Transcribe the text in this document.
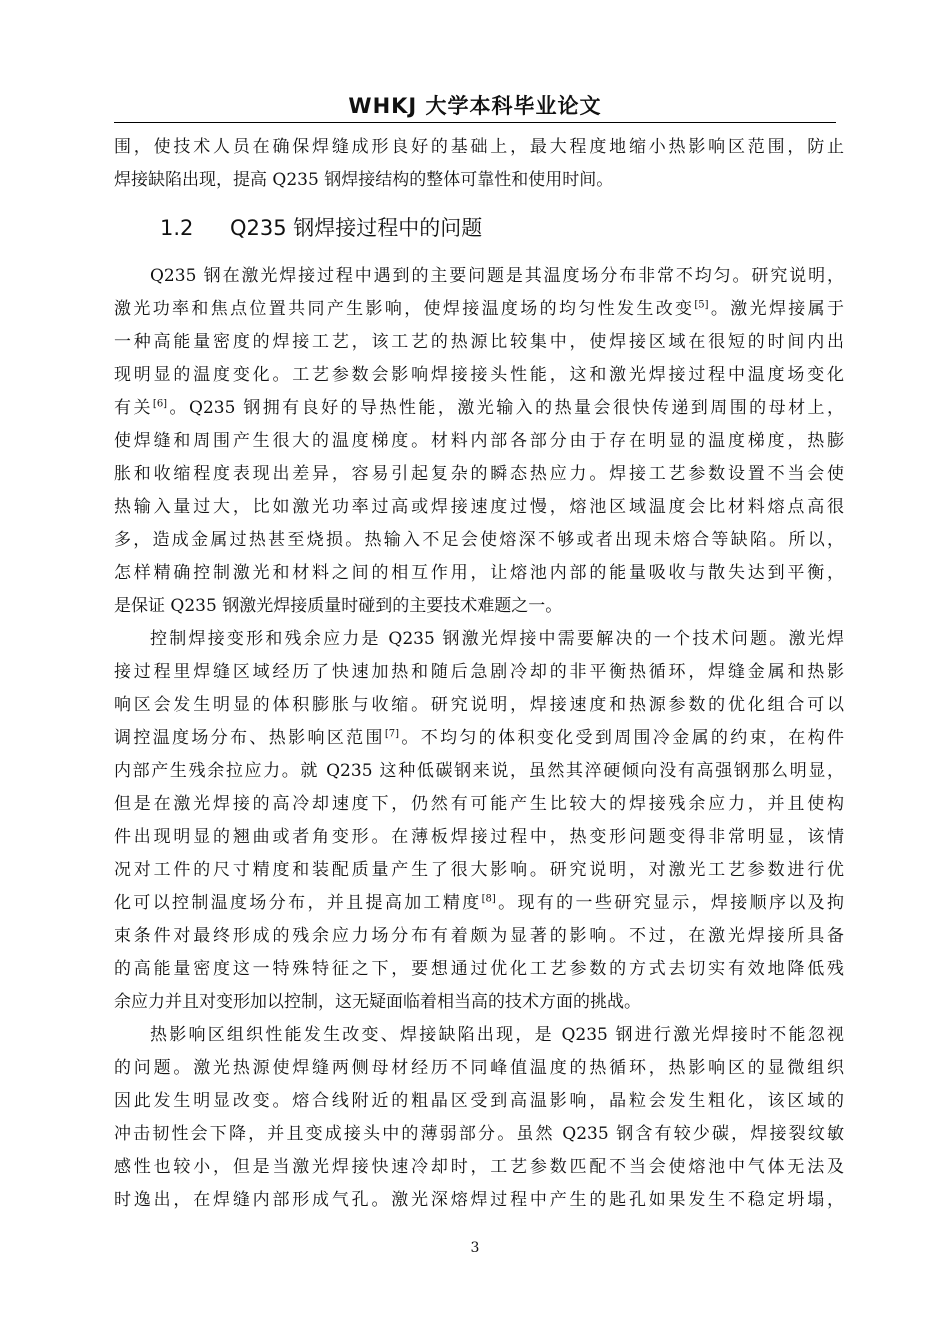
WHKJ 大学本科毕业论文
围，使技术人员在确保焊缝成形良好的基础上，最大程度地缩小热影响区范围，防止
焊接缺陷出现，提高 Q235 钢焊接结构的整体可靠性和使用时间。
1.2 Q235 钢焊接过程中的问题
Q235 钢在激光焊接过程中遇到的主要问题是其温度场分布非常不均匀。研究说明，
激光功率和焦点位置共同产生影响，使焊接温度场的均匀性发生改变[5]。激光焊接属于
一种高能量密度的焊接工艺，该工艺的热源比较集中，使焊接区域在很短的时间内出
现明显的温度变化。工艺参数会影响焊接接头性能，这和激光焊接过程中温度场变化
有关[6]。Q235 钢拥有良好的导热性能，激光输入的热量会很快传递到周围的母材上，
使焊缝和周围产生很大的温度梯度。材料内部各部分由于存在明显的温度梯度，热膨
胀和收缩程度表现出差异，容易引起复杂的瞬态热应力。焊接工艺参数设置不当会使
热输入量过大，比如激光功率过高或焊接速度过慢，熔池区域温度会比材料熔点高很
多，造成金属过热甚至烧损。热输入不足会使熔深不够或者出现未熔合等缺陷。所以，
怎样精确控制激光和材料之间的相互作用，让熔池内部的能量吸收与散失达到平衡，
是保证 Q235 钢激光焊接质量时碰到的主要技术难题之一。
控制焊接变形和残余应力是 Q235 钢激光焊接中需要解决的一个技术问题。激光焊
接过程里焊缝区域经历了快速加热和随后急剧冷却的非平衡热循环，焊缝金属和热影
响区会发生明显的体积膨胀与收缩。研究说明，焊接速度和热源参数的优化组合可以
调控温度场分布、热影响区范围[7]。不均匀的体积变化受到周围冷金属的约束，在构件
内部产生残余拉应力。就 Q235 这种低碳钢来说，虽然其淬硬倾向没有高强钢那么明显，
但是在激光焊接的高冷却速度下，仍然有可能产生比较大的焊接残余应力，并且使构
件出现明显的翘曲或者角变形。在薄板焊接过程中，热变形问题变得非常明显，该情
况对工件的尺寸精度和装配质量产生了很大影响。研究说明，对激光工艺参数进行优
化可以控制温度场分布，并且提高加工精度[8]。现有的一些研究显示，焊接顺序以及拘
束条件对最终形成的残余应力场分布有着颇为显著的影响。不过，在激光焊接所具备
的高能量密度这一特殊特征之下，要想通过优化工艺参数的方式去切实有效地降低残
余应力并且对变形加以控制，这无疑面临着相当高的技术方面的挑战。
热影响区组织性能发生改变、焊接缺陷出现，是 Q235 钢进行激光焊接时不能忽视
的问题。激光热源使焊缝两侧母材经历不同峰值温度的热循环，热影响区的显微组织
因此发生明显改变。熔合线附近的粗晶区受到高温影响，晶粒会发生粗化，该区域的
冲击韧性会下降，并且变成接头中的薄弱部分。虽然 Q235 钢含有较少碳，焊接裂纹敏
感性也较小，但是当激光焊接快速冷却时，工艺参数匹配不当会使熔池中气体无法及
时逸出，在焊缝内部形成气孔。激光深熔焊过程中产生的匙孔如果发生不稳定坍塌，
3
